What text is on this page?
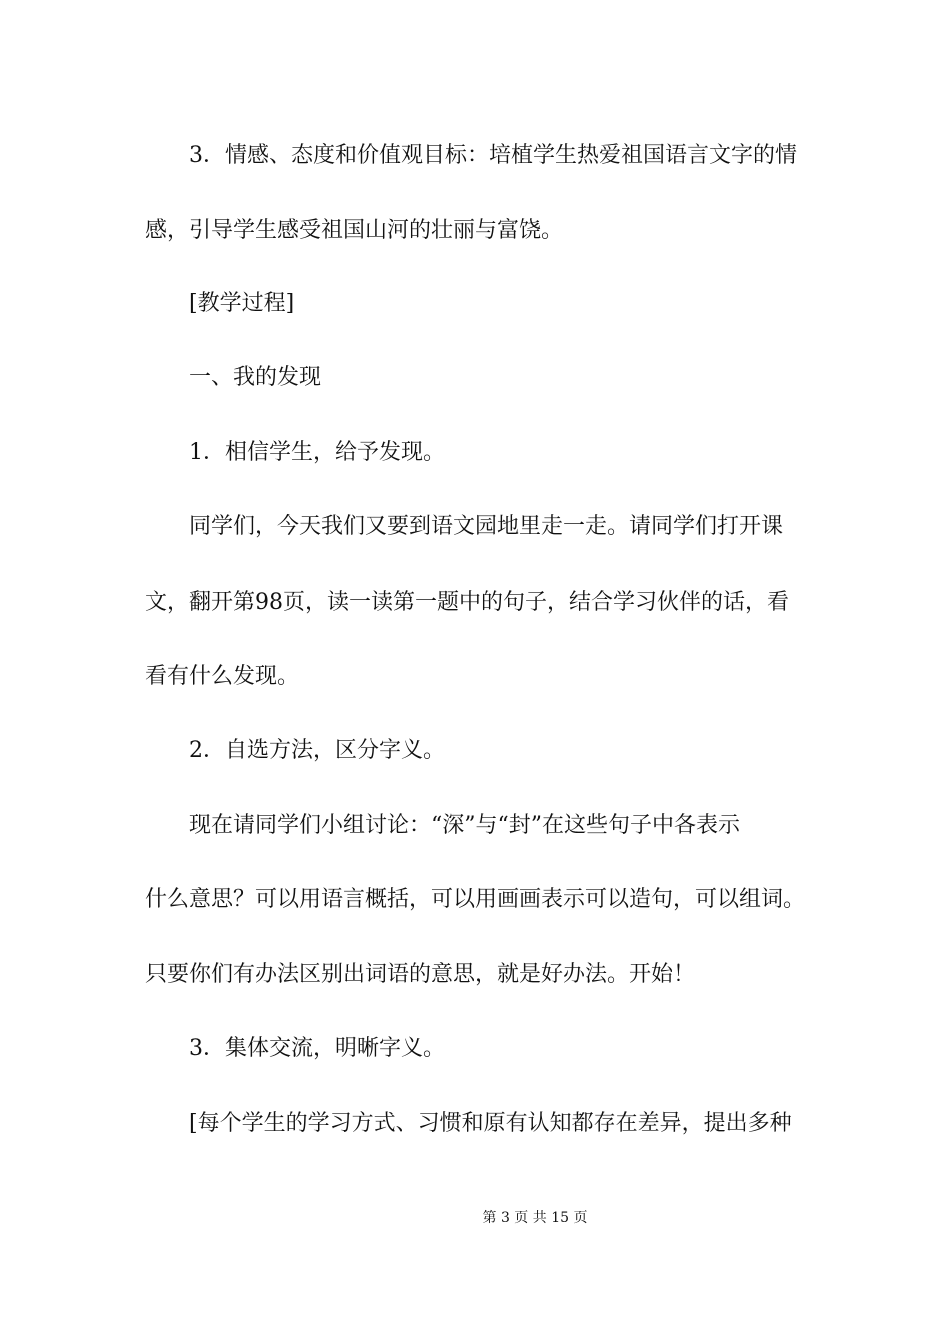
3．情感、态度和价值观目标：培植学生热爱祖国语言文字的情
感，引导学生感受祖国山河的壮丽与富饶。
[教学过程]
一、我的发现
1．相信学生，给予发现。
同学们，今天我们又要到语文园地里走一走。请同学们打开课
文，翻开第98页，读一读第一题中的句子，结合学习伙伴的话，看
看有什么发现。
2．自选方法，区分字义。
现在请同学们小组讨论：“深”与“封”在这些句子中各表示
什么意思？可以用语言概括，可以用画画表示可以造句，可以组词。
只要你们有办法区别出词语的意思，就是好办法。开始！
3．集体交流，明晰字义。
[每个学生的学习方式、习惯和原有认知都存在差异，提出多种
第 3 页 共 15 页
